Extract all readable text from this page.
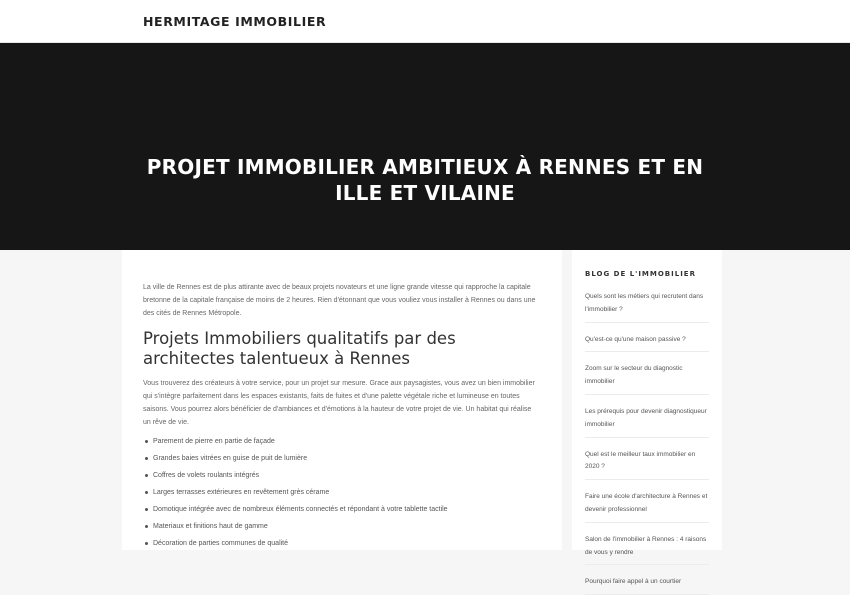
HERMITAGE IMMOBILIER
PROJET IMMOBILIER AMBITIEUX À RENNES ET EN ILLE ET VILAINE

La ville de Rennes est de plus attirante avec de beaux projets novateurs et une ligne grande vitesse qui rapproche la capitale bretonne de la capitale française de moins de 2 heures. Rien d'étonnant que vous vouliez vous installer à Rennes ou dans une des cités de Rennes Métropole.

Projets Immobiliers qualitatifs par des architectes talentueux à Rennes

Vous trouverez des créateurs à votre service, pour un projet sur mesure. Grace aux paysagistes, vous avez un bien immobilier qui s'intègre parfaitement dans les espaces existants, faits de fuites et d'une palette végétale riche et lumineuse en toutes saisons. Vous pourrez alors bénéficier de d'ambiances et d'émotions à la hauteur de votre projet de vie. Un habitat qui réalise un rêve de vie.

Parement de pierre en partie de façade
Grandes baies vitrées en guise de puit de lumière
Coffres de volets roulants intégrés
Larges terrasses extérieures en revêtement grès cérame
Domotique intégrée avec de nombreux éléments connectés et répondant à votre tablette tactile
Materiaux et finitions haut de gamme
Décoration de parties communes de qualité
BLOG DE L'IMMOBILIER
Quels sont les métiers qui recrutent dans l'immobilier ?
Qu'est-ce qu'une maison passive ?
Zoom sur le secteur du diagnostic immobilier
Les prérequis pour devenir diagnostiqueur immobilier
Quel est le meilleur taux immobilier en 2020 ?
Faire une école d'architecture à Rennes et devenir professionnel
Salon de l'immobilier à Rennes : 4 raisons de vous y rendre
Pourquoi faire appel à un courtier
